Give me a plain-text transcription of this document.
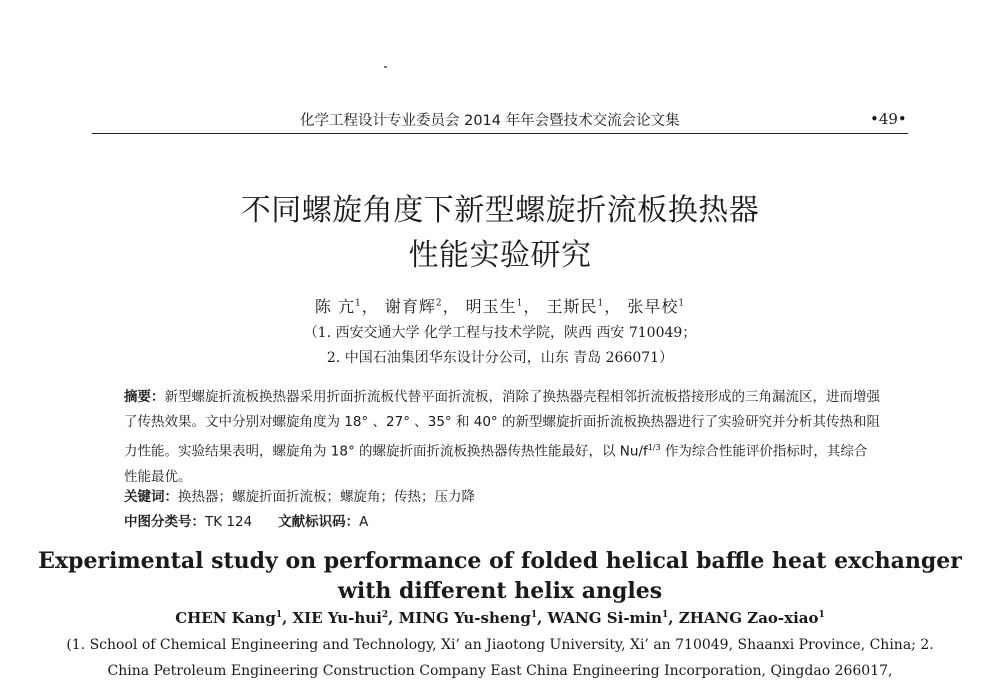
化学工程设计专业委员会 2014 年年会暨技术交流会论文集	•49•
不同螺旋角度下新型螺旋折流板换热器
性能实验研究
陈 亢$^1$， 谢育辉$^2$， 明玉生$^1$， 王斯民$^1$， 张早校$^1$
（1. 西安交通大学 化学工程与技术学院，陕西 西安 710049；
2. 中国石油集团华东设计分公司，山东 青岛 266071）
摘要：新型螺旋折流板换热器采用折面折流板代替平面折流板，消除了换热器壳程相邻折流板搭接形成的三角漏流区，进而增强了传热效果。文中分别对螺旋角度为 18° 、27° 、35° 和 40° 的新型螺旋折面折流板换热器进行了实验研究并分析其传热和阻力性能。实验结果表明，螺旋角为 18° 的螺旋折面折流板换热器传热性能最好，以 $Nu/f^{1/3}$ 作为综合性能评价指标时，其综合性能最优。
关键词：换热器；螺旋折面折流板；螺旋角；传热；压力降
中图分类号：TK 124 文献标识码：A
Experimental study on performance of folded helical baffle heat exchanger
with different helix angles
CHEN Kang$^1$, XIE Yu-hui$^2$, MING Yu-sheng$^1$, WANG $Si-\min^1$, ZHANG Zao-xiao$^1$
(1. School of Chemical Engineering and Technology, Xi’ an Jiaotong University, Xi’ an 710049, Shaanxi Province, China; 2.
China Petroleum Engineering Construction Company East China Engineering Incorporation, Qingdao 266017,
